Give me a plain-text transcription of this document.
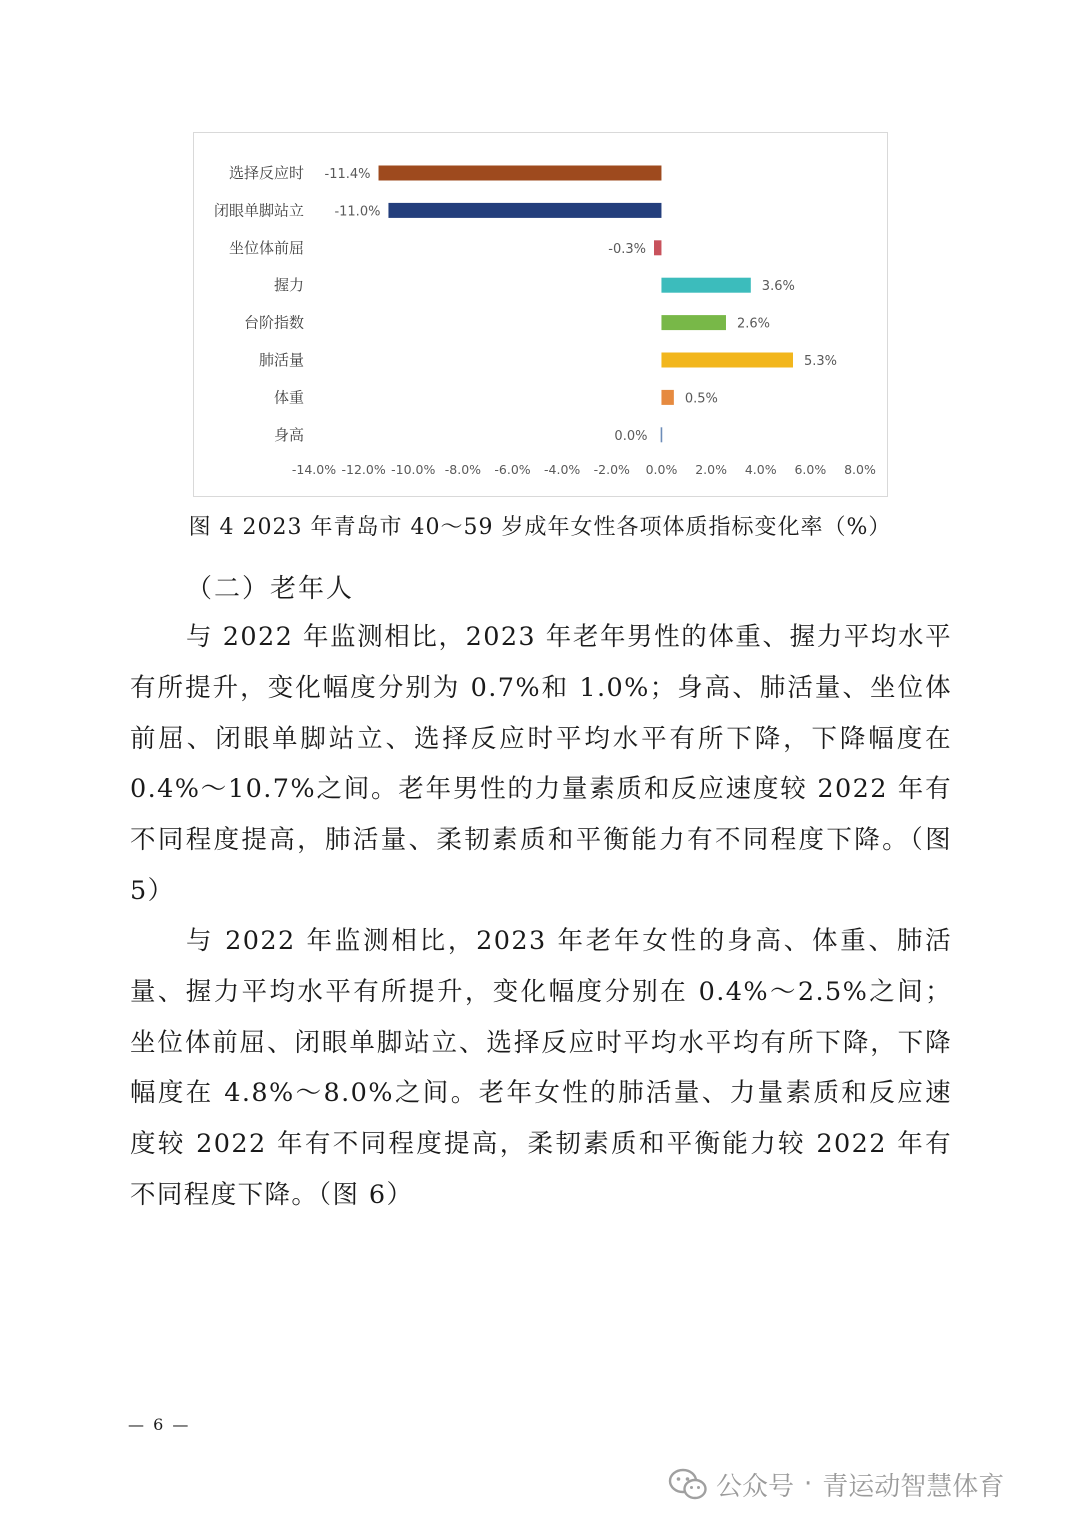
选择反应时 -11.4%
闭眼单脚站立 -11.0%
坐位体前屈	-0.3%
握力	3.6%
台阶指数	2.6%
肺活量	5.3%
体重	0.5%
身高	0.0%
-14.0% -12.0% -10.0% -8.0% -6.0% -4.0% -2.0% 0.0% 2.0% 4.0% 6.0% 8.0%
图 4 2023 年青岛市 40～59 岁成年女性各项体质指标变化率（%）
（二）老年人

与 2022 年监测相比，2023 年老年男性的体重、握力平均水平有所提升，变化幅度分别为 0.7%和 1.0%；身高、肺活量、坐位体前屈、闭眼单脚站立、选择反应时平均水平有所下降，下降幅度在 0.4%～10.7%之间。老年男性的力量素质和反应速度较 2022 年有不同程度提高，肺活量、柔韧素质和平衡能力有不同程度下降。（图 5）

与 2022 年监测相比，2023 年老年女性的身高、体重、肺活量、握力平均水平有所提升，变化幅度分别在 0.4%～2.5%之间；坐位体前屈、闭眼单脚站立、选择反应时平均水平均有所下降，下降幅度在 4.8%～8.0%之间。老年女性的肺活量、力量素质和反应速度较 2022 年有不同程度提高，柔韧素质和平衡能力较 2022 年有不同程度下降。（图 6）

— 6 —
公众号 · 青运动智慧体育
